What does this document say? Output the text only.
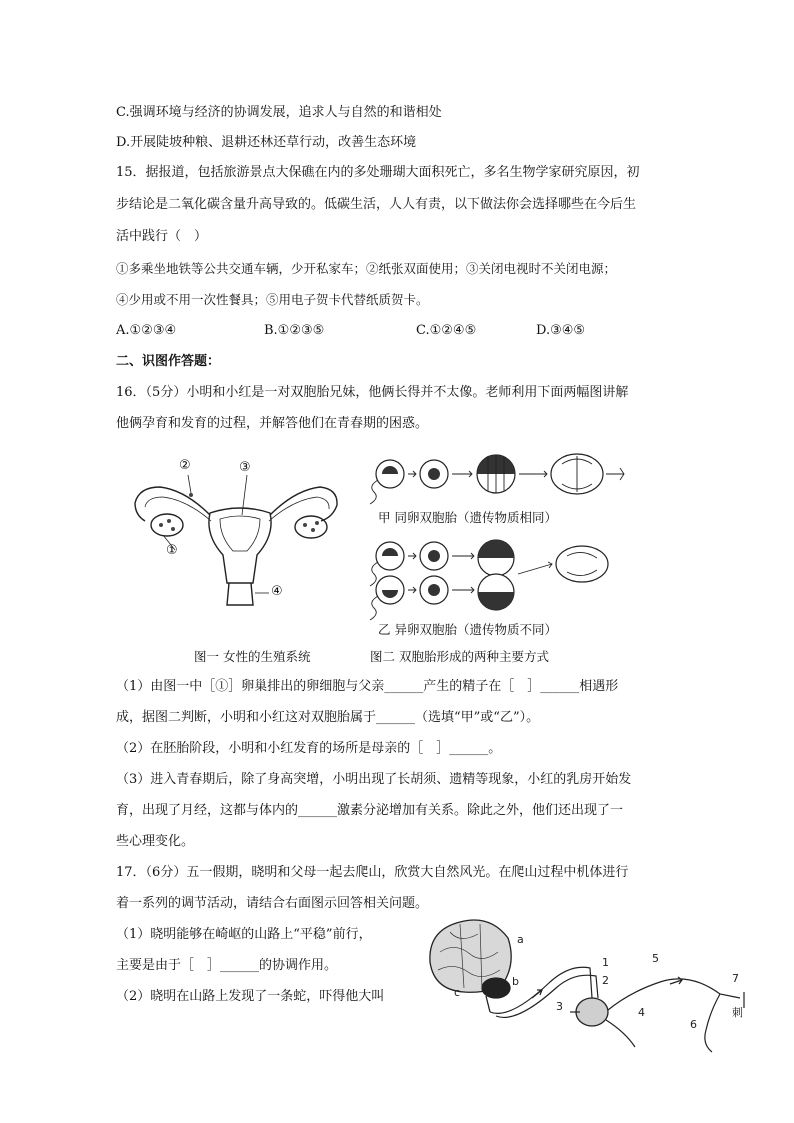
C.强调环境与经济的协调发展，追求人与自然的和谐相处
D.开展陡坡种粮、退耕还林还草行动，改善生态环境
15．据报道，包括旅游景点大保礁在内的多处珊瑚大面积死亡，多名生物学家研究原因，初
步结论是二氧化碳含量升高导致的。低碳生活，人人有责，以下做法你会选择哪些在今后生
活中践行（　）
①多乘坐地铁等公共交通车辆，少开私家车；②纸张双面使用；③关闭电视时不关闭电源；
④少用或不用一次性餐具；⑤用电子贺卡代替纸质贺卡。
A.①②③④	B.①②③⑤	C.①②④⑤	D.③④⑤
二、识图作答题：
16．（5分）小明和小红是一对双胞胎兄妹，他俩长得并不太像。老师利用下面两幅图讲解
他俩孕育和发育的过程，并解答他们在青春期的困惑。
①
②	③
④
甲 同卵双胞胎（遗传物质相同）
乙 异卵双胞胎（遗传物质不同）
图一 女性的生殖系统	图二 双胞胎形成的两种主要方式
（1）由图一中［①］卵巢排出的卵细胞与父亲______产生的精子在［　］______相遇形
成，据图二判断，小明和小红这对双胞胎属于______（选填“甲”或“乙”）。
（2）在胚胎阶段，小明和小红发育的场所是母亲的［　］______。
（3）进入青春期后，除了身高突增，小明出现了长胡须、遗精等现象，小红的乳房开始发
育，出现了月经，这都与体内的______激素分泌增加有关系。除此之外，他们还出现了一
些心理变化。
17．（6分）五一假期，晓明和父母一起去爬山，欣赏大自然风光。在爬山过程中机体进行
着一系列的调节活动，请结合右面图示回答相关问题。
（1）晓明能够在崎岖的山路上“平稳”前行，
主要是由于［　］______的协调作用。
（2）晓明在山路上发现了一条蛇，吓得他大叫
a
b
c
1
2
3	4
5
6
7
刺
